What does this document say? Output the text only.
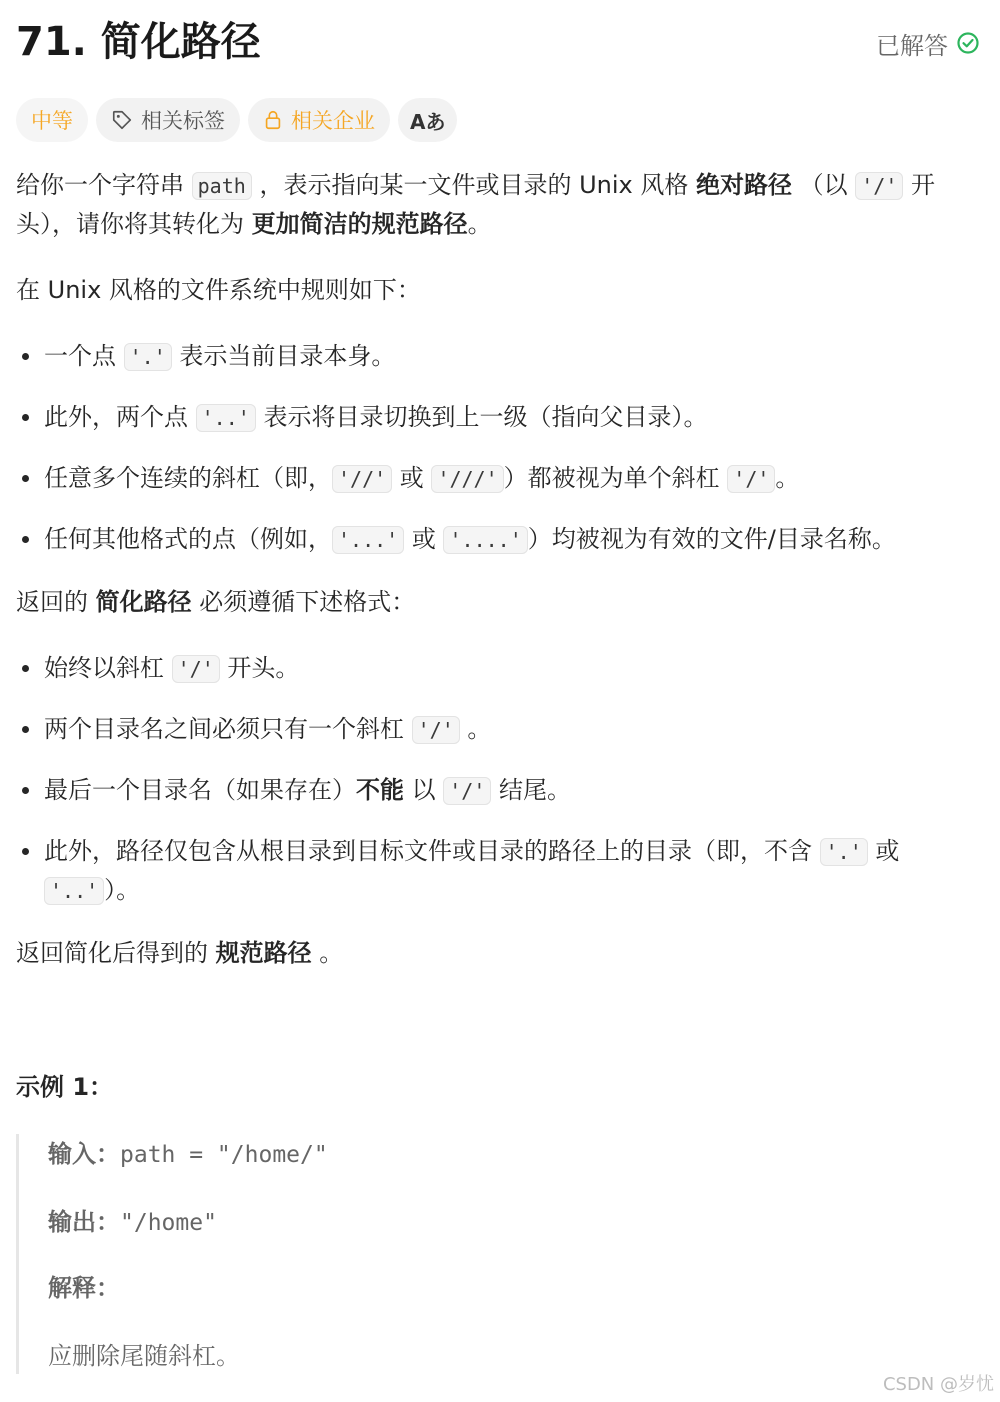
71. 简化路径	已解答
中等	相关标签	相关企业 Aあ
给你一个字符串 path ，表示指向某一文件或目录的 Unix 风格 绝对路径 （以 '/' 开头），请你将其转化为 更加简洁的规范路径。
在 Unix 风格的文件系统中规则如下：
一个点 '.' 表示当前目录本身。
此外，两个点 '..' 表示将目录切换到上一级（指向父目录）。
任意多个连续的斜杠（即， '//' 或 '///' ）都被视为单个斜杠 '/' 。
任何其他格式的点（例如， '...' 或 '....' ）均被视为有效的文件/目录名称。
返回的 简化路径 必须遵循下述格式：
始终以斜杠 '/' 开头。
两个目录名之间必须只有一个斜杠 '/' 。
最后一个目录名（如果存在）不能 以 '/' 结尾。
此外，路径仅包含从根目录到目标文件或目录的路径上的目录（即，不含 '.' 或 '..' ）。
返回简化后得到的 规范路径 。
示例 1：
输入：path = "/home/"
输出："/home"
解释：
应删除尾随斜杠。
CSDN @岁忧
